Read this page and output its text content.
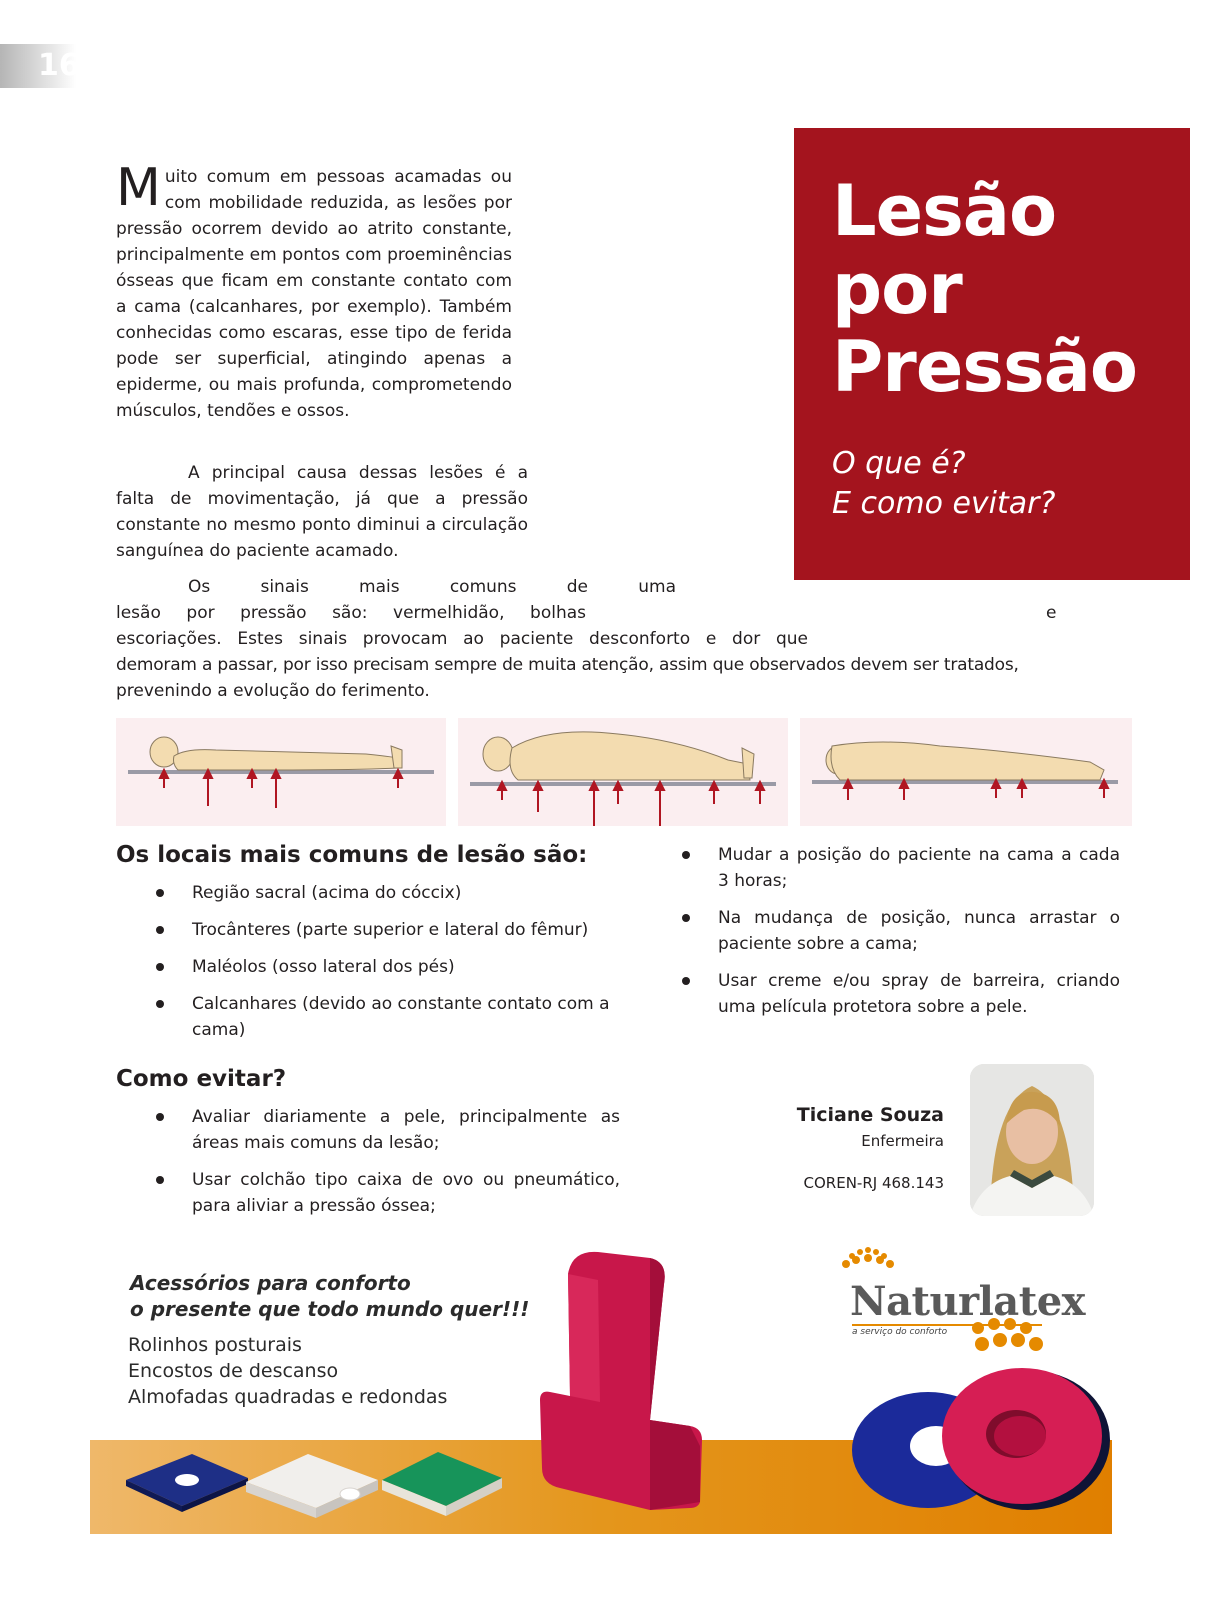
16
Muito comum em pessoas acamadas ou com mobilidade reduzida, as lesões por pressão ocorrem devido ao atrito constante, principalmente em pontos com proeminências ósseas que ficam em constante contato com a cama (calcanhares, por exemplo). Também conhecidas como escaras, esse tipo de ferida pode ser superficial, atingindo apenas a epiderme, ou mais profunda, comprometendo músculos, tendões e ossos.
A principal causa dessas lesões é a falta de movimentação, já que a pressão constante no mesmo ponto diminui a circulação sanguínea do paciente acamado.
Os sinais mais comuns de uma
lesão por pressão são: vermelhidão, bolhas	e
escoriações. Estes sinais provocam ao paciente desconforto e dor que
demoram a passar, por isso precisam sempre de muita atenção, assim que observados devem ser tratados,
prevenindo a evolução do ferimento.
Lesão
por
Pressão
O que é?
E como evitar?
Os locais mais comuns de lesão são:
Região sacral (acima do cóccix)
Trocânteres (parte superior e lateral do fêmur)
Maléolos (osso lateral dos pés)
Calcanhares (devido ao constante contato com a cama)
Como evitar?
Avaliar diariamente a pele, principalmente as áreas mais comuns da lesão;
Usar colchão tipo caixa de ovo ou pneumático, para aliviar a pressão óssea;
Mudar a posição do paciente na cama a cada 3 horas;
Na mudança de posição, nunca arrastar o paciente sobre a cama;
Usar creme e/ou spray de barreira, criando uma película protetora sobre a pele.
Ticiane Souza
Enfermeira
COREN-RJ 468.143
Acessórios para conforto
o presente que todo mundo quer!!!
Rolinhos posturais
Encostos de descanso
Almofadas quadradas e redondas
Naturlatex
a serviço do conforto
